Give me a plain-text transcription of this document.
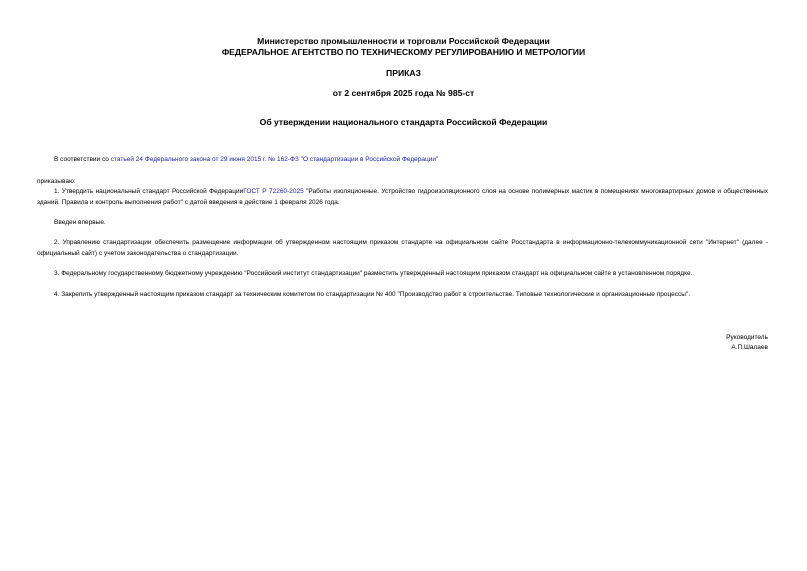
Министерство промышленности и торговли Российской Федерации
ФЕДЕРАЛЬНОЕ АГЕНТСТВО ПО ТЕХНИЧЕСКОМУ РЕГУЛИРОВАНИЮ И МЕТРОЛОГИИ
ПРИКАЗ
от 2 сентября 2025 года № 985-ст
Об утверждении национального стандарта Российской Федерации
В соответствии со статьей 24 Федерального закона от 29 июня 2015 г. № 162-ФЗ "О стандартизации в Российской Федерации"
приказываю:
1. Утвердить национальный стандарт Российской ФедерацииГОСТ Р 72260-2025 "Работы изоляционные. Устройство гидроизоляционного слоя на основе полимерных мастик в помещениях многоквартирных домов и общественных зданий. Правила и контроль выполнения работ" с датой введения в действие 1 февраля 2026 года.
Введен впервые.
2. Управлению стандартизации обеспечить размещение информации об утвержденном настоящим приказом стандарте на официальном сайте Росстандарта в информационно-телекоммуникационной сети "Интернет" (далее - официальный сайт) с учетом законодательства о стандартизации.
3. Федеральному государственному бюджетному учреждению "Российский институт стандартизации" разместить утвержденный настоящим приказом стандарт на официальном сайте в установленном порядке.
4. Закрепить утвержденный настоящим приказом стандарт за техническим комитетом по стандартизации № 400 "Производство работ в строительстве. Типовые технологические и организационные процессы".
Руководитель
А.П.Шалаев
